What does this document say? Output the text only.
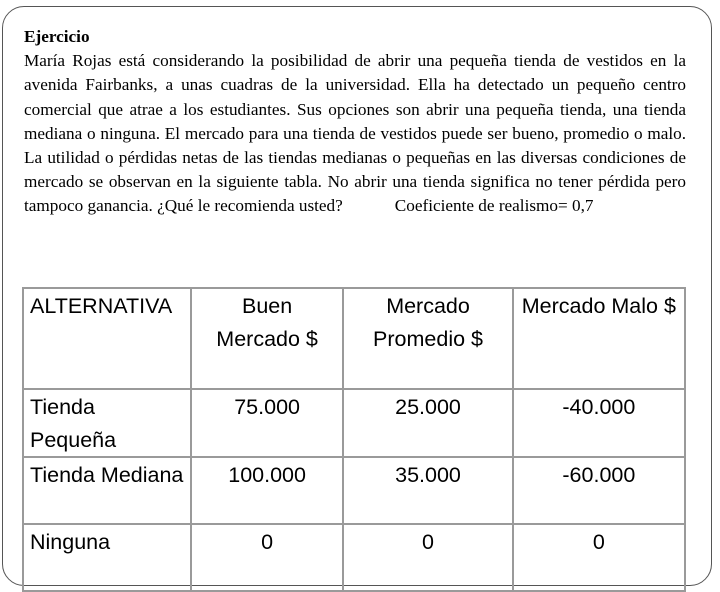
Ejercicio
María Rojas está considerando la posibilidad de abrir una pequeña tienda de vestidos en la avenida Fairbanks, a unas cuadras de la universidad. Ella ha detectado un pequeño centro comercial que atrae a los estudiantes. Sus opciones son abrir una pequeña tienda, una tienda mediana o ninguna. El mercado para una tienda de vestidos puede ser bueno, promedio o malo. La utilidad o pérdidas netas de las tiendas medianas o pequeñas en las diversas condiciones de mercado se observan en la siguiente tabla. No abrir una tienda significa no tener pérdida pero tampoco ganancia. ¿Qué le recomienda usted?	Coeficiente de realismo= 0,7
ALTERNATIVA	Buen Mercado $	Mercado Promedio $	Mercado Malo $
Tienda Pequeña	75.000	25.000	-40.000
Tienda Mediana	100.000	35.000	-60.000
Ninguna	0	0	0
